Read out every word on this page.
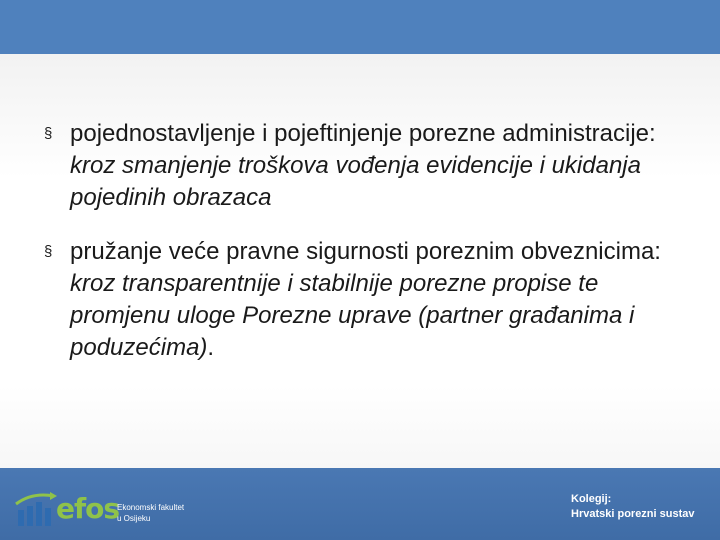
§ pojednostavljenje i pojeftinjenje porezne administracije: kroz smanjenje troškova vođenja evidencije i ukidanja pojedinih obrazaca
§ pružanje veće pravne sigurnosti poreznim obveznicima: kroz transparentnije i stabilnije porezne propise te promjenu uloge Porezne uprave (partner građanima i poduzećima).
efos
Ekonomski fakultet
u Osijeku
Kolegij:
Hrvatski porezni sustav
